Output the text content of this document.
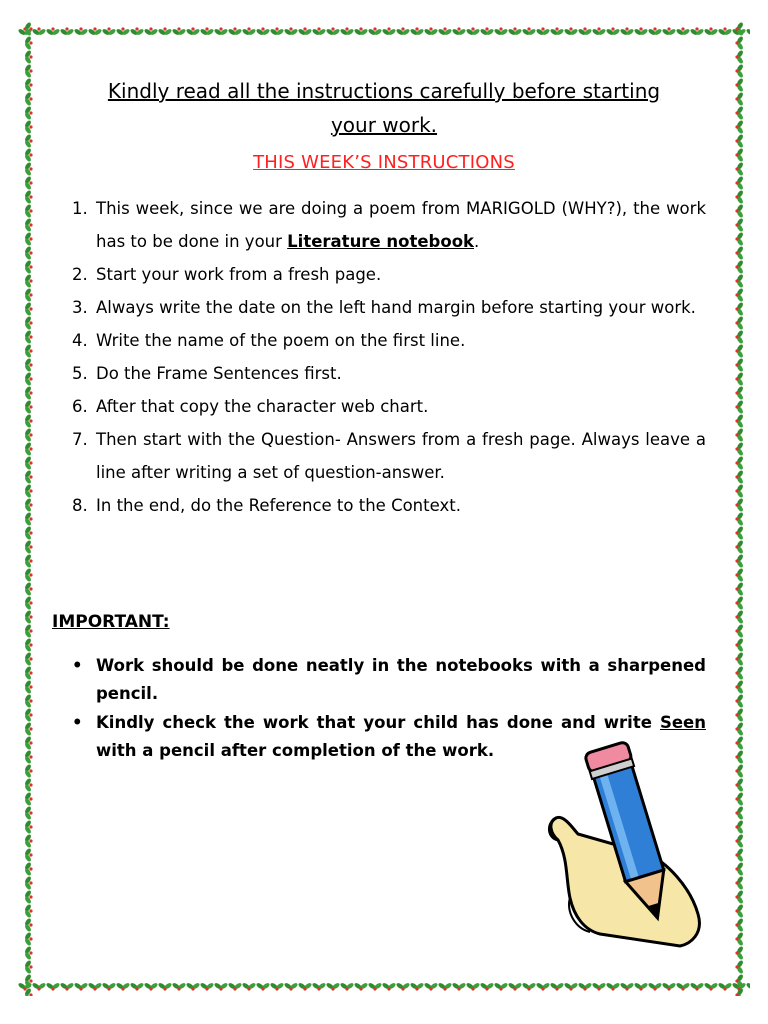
Kindly read all the instructions carefully before starting
your work.
THIS WEEK’S INSTRUCTIONS
1. This week, since we are doing a poem from MARIGOLD (WHY?), the work has to be done in your Literature notebook.
2. Start your work from a fresh page.
3. Always write the date on the left hand margin before starting your work.
4. Write the name of the poem on the first line.
5. Do the Frame Sentences first.
6. After that copy the character web chart.
7. Then start with the Question- Answers from a fresh page. Always leave a line after writing a set of question-answer.
8. In the end, do the Reference to the Context.
IMPORTANT:
• Work should be done neatly in the notebooks with a sharpened pencil.
• Kindly check the work that your child has done and write Seen with a pencil after completion of the work.
